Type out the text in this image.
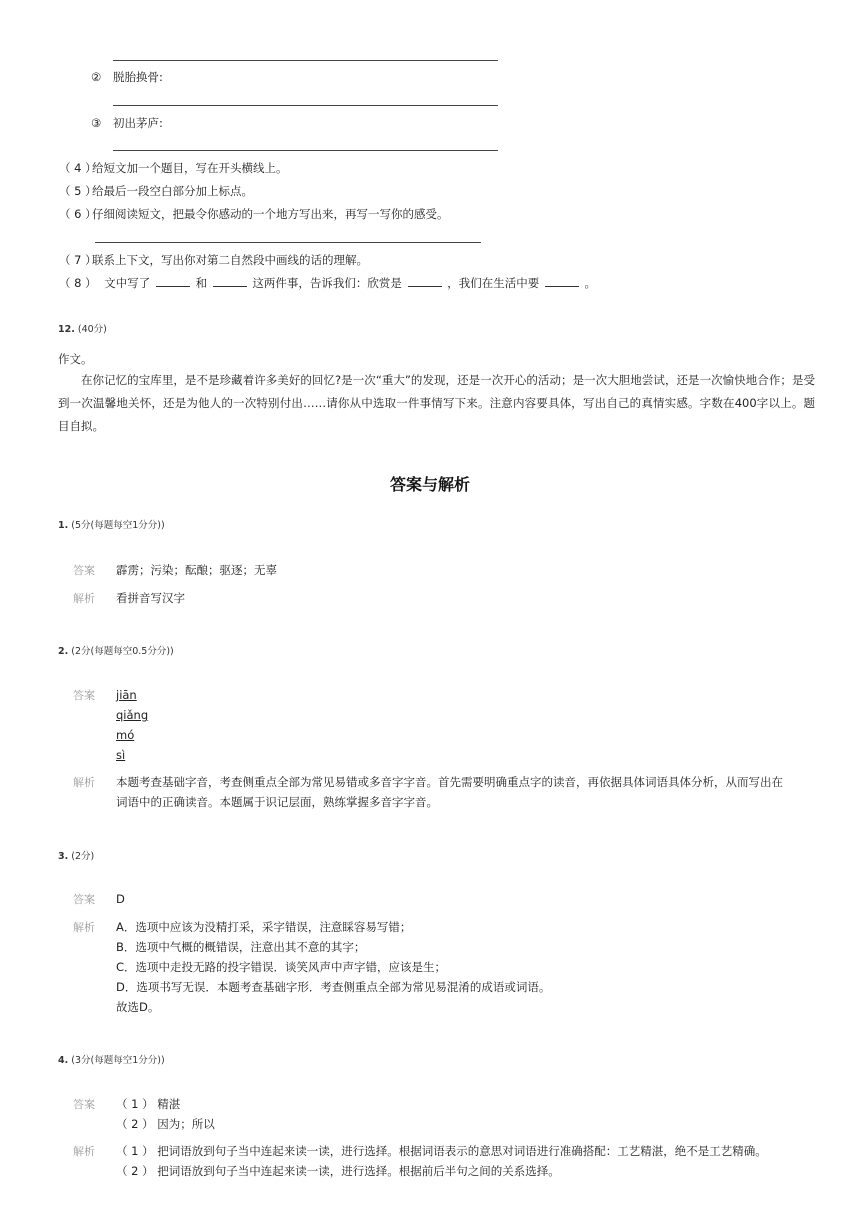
② 脱胎换骨:
③ 初出茅庐:
（ 4 ）
给短文加一个题目，写在开头横线上。
（ 5 ）
给最后一段空白部分加上标点。
（ 6 ）
仔细阅读短文，把最令你感动的一个地方写出来，再写一写你的感受。
（ 7 ）
联系上下文，写出你对第二自然段中画线的话的理解。
（ 8 ） 文中写了	和	这两件事，告诉我们：欣赏是	，我们在生活中要	。
12. (40分)
作文。
在你记忆的宝库里，是不是珍藏着许多美好的回忆?是一次“重大”的发现，还是一次开心的活动；是一次大胆地尝试，还是一次愉快地合作；是受到一次温馨地关怀，还是为他人的一次特别付出……请你从中选取一件事情写下来。注意内容要具体，写出自己的真情实感。字数在400字以上。题目自拟。
答案与解析
1. (5分(每题每空1分分))
答案 霹雳；污染；酝酿；驱逐；无辜
解析 看拼音写汉字
2. (2分(每题每空0.5分分))
答案 jiān
qiǎng
mó
sì
解析 本题考查基础字音，考查侧重点全部为常见易错或多音字字音。首先需要明确重点字的读音，再依据具体词语具体分析，从而写出在
词语中的正确读音。本题属于识记层面，熟练掌握多音字字音。
3. (2分)
答案 D
解析 A．选项中应该为没精打采，采字错误，注意睬容易写错；
B．选项中气概的概错误，注意出其不意的其字；
C．选项中走投无路的投字错误．谈笑风声中声字错，应该是生；
D．选项书写无误．本题考查基础字形．考查侧重点全部为常见易混淆的成语或词语。
故选D。
4. (3分(每题每空1分分))
答案 （ 1 ） 精湛
（ 2 ） 因为；所以
解析 （ 1 ） 把词语放到句子当中连起来读一读，进行选择。根据词语表示的意思对词语进行准确搭配：工艺精湛，绝不是工艺精确。
（ 2 ） 把词语放到句子当中连起来读一读，进行选择。根据前后半句之间的关系选择。
